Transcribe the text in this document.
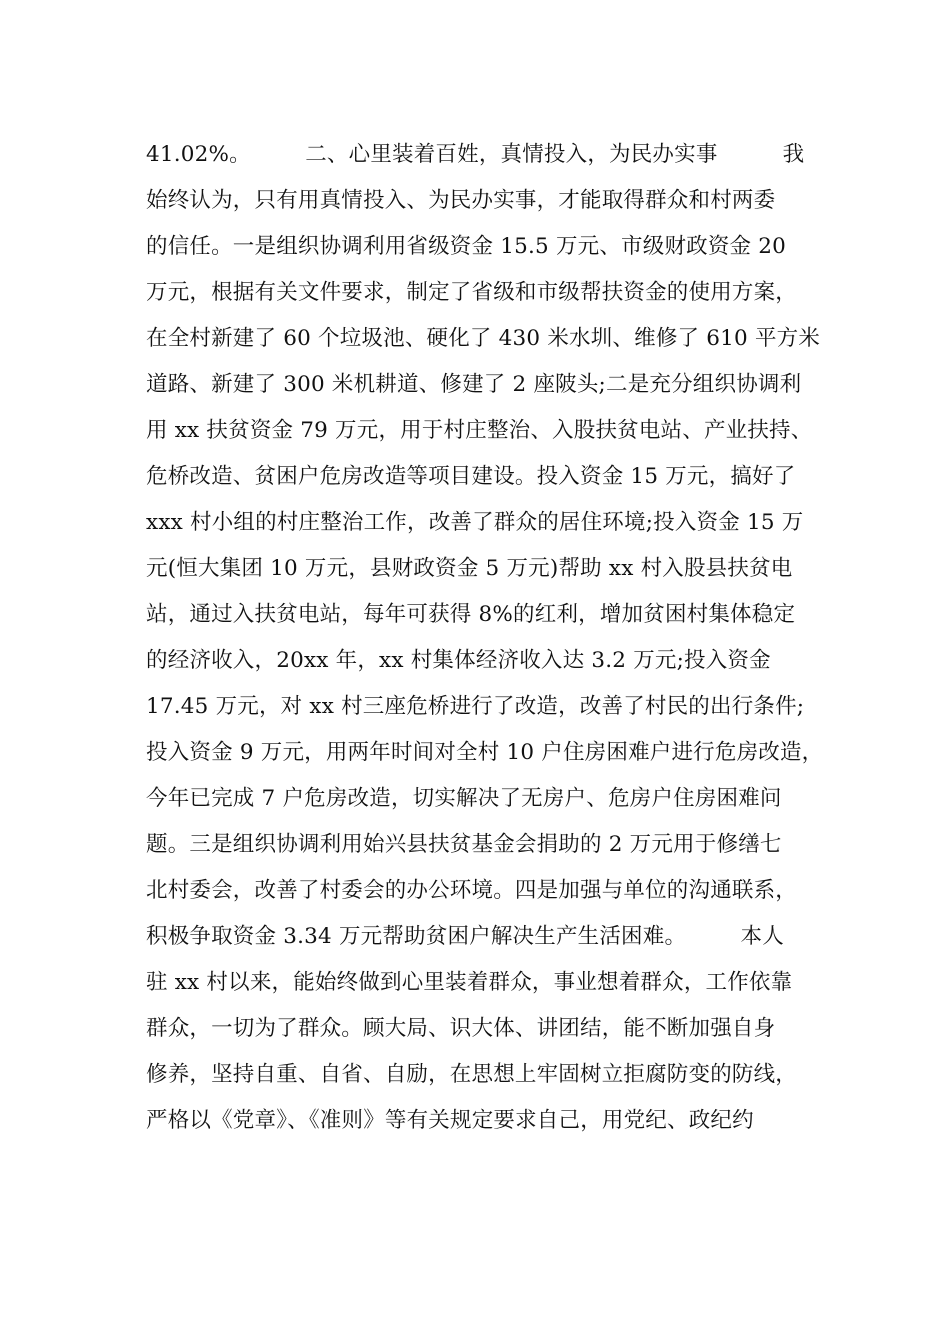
41.02%。　　　二、心里装着百姓，真情投入，为民办实事　　　我
始终认为，只有用真情投入、为民办实事，才能取得群众和村两委
的信任。一是组织协调利用省级资金 15.5 万元、市级财政资金 20
万元，根据有关文件要求，制定了省级和市级帮扶资金的使用方案，
在全村新建了 60 个垃圾池、硬化了 430 米水圳、维修了 610 平方米
道路、新建了 300 米机耕道、修建了 2 座陂头;二是充分组织协调利
用 xx 扶贫资金 79 万元，用于村庄整治、入股扶贫电站、产业扶持、
危桥改造、贫困户危房改造等项目建设。投入资金 15 万元，搞好了
xxx 村小组的村庄整治工作，改善了群众的居住环境;投入资金 15 万
元(恒大集团 10 万元，县财政资金 5 万元)帮助 xx 村入股县扶贫电
站，通过入扶贫电站，每年可获得 8%的红利，增加贫困村集体稳定
的经济收入，20xx 年，xx 村集体经济收入达 3.2 万元;投入资金
17.45 万元，对 xx 村三座危桥进行了改造，改善了村民的出行条件;
投入资金 9 万元，用两年时间对全村 10 户住房困难户进行危房改造，
今年已完成 7 户危房改造，切实解决了无房户、危房户住房困难问
题。三是组织协调利用始兴县扶贫基金会捐助的 2 万元用于修缮七
北村委会，改善了村委会的办公环境。四是加强与单位的沟通联系，
积极争取资金 3.34 万元帮助贫困户解决生产生活困难。　　　本人
驻 xx 村以来，能始终做到心里装着群众，事业想着群众，工作依靠
群众，一切为了群众。顾大局、识大体、讲团结，能不断加强自身
修养，坚持自重、自省、自励，在思想上牢固树立拒腐防变的防线，
严格以《党章》、《准则》等有关规定要求自己，用党纪、政纪约
